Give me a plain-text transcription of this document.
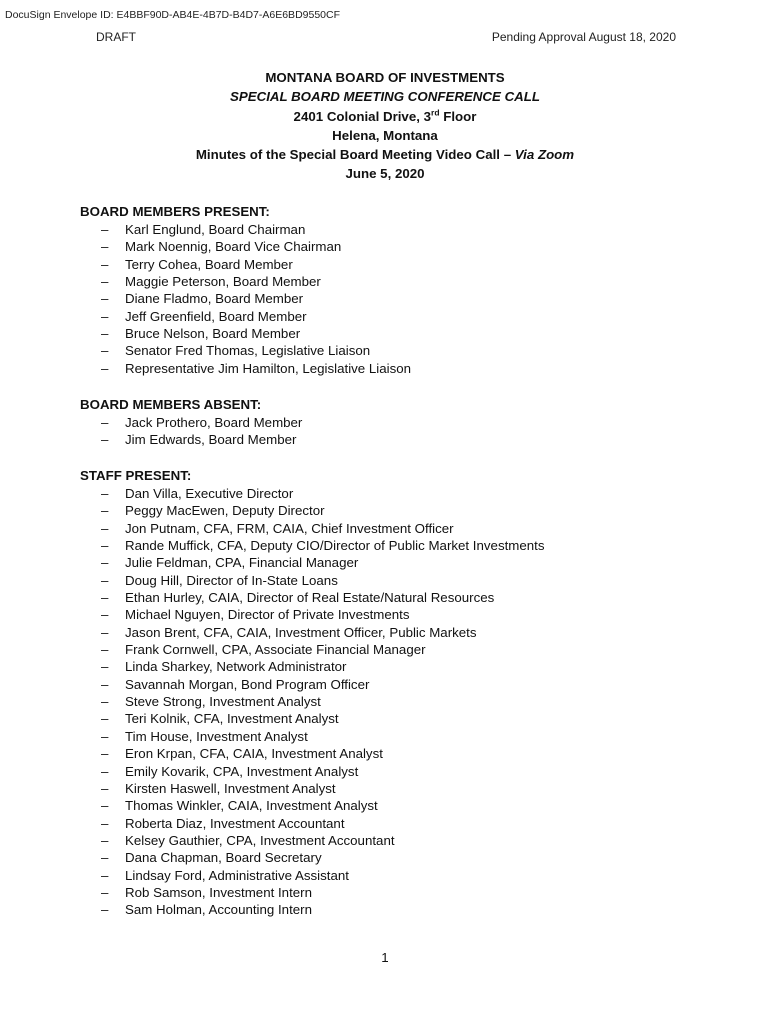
DocuSign Envelope ID: E4BBF90D-AB4E-4B7D-B4D7-A6E6BD9550CF
DRAFT	Pending Approval August 18, 2020
MONTANA BOARD OF INVESTMENTS
SPECIAL BOARD MEETING CONFERENCE CALL
2401 Colonial Drive, 3rd Floor
Helena, Montana
Minutes of the Special Board Meeting Video Call – Via Zoom
June 5, 2020
BOARD MEMBERS PRESENT:
– Karl Englund, Board Chairman
– Mark Noennig, Board Vice Chairman
– Terry Cohea, Board Member
– Maggie Peterson, Board Member
– Diane Fladmo, Board Member
– Jeff Greenfield, Board Member
– Bruce Nelson, Board Member
– Senator Fred Thomas, Legislative Liaison
– Representative Jim Hamilton, Legislative Liaison
BOARD MEMBERS ABSENT:
– Jack Prothero, Board Member
– Jim Edwards, Board Member
STAFF PRESENT:
– Dan Villa, Executive Director
– Peggy MacEwen, Deputy Director
– Jon Putnam, CFA, FRM, CAIA, Chief Investment Officer
– Rande Muffick, CFA, Deputy CIO/Director of Public Market Investments
– Julie Feldman, CPA, Financial Manager
– Doug Hill, Director of In-State Loans
– Ethan Hurley, CAIA, Director of Real Estate/Natural Resources
– Michael Nguyen, Director of Private Investments
– Jason Brent, CFA, CAIA, Investment Officer, Public Markets
– Frank Cornwell, CPA, Associate Financial Manager
– Linda Sharkey, Network Administrator
– Savannah Morgan, Bond Program Officer
– Steve Strong, Investment Analyst
– Teri Kolnik, CFA, Investment Analyst
– Tim House, Investment Analyst
– Eron Krpan, CFA, CAIA, Investment Analyst
– Emily Kovarik, CPA, Investment Analyst
– Kirsten Haswell, Investment Analyst
– Thomas Winkler, CAIA, Investment Analyst
– Roberta Diaz, Investment Accountant
– Kelsey Gauthier, CPA, Investment Accountant
– Dana Chapman, Board Secretary
– Lindsay Ford, Administrative Assistant
– Rob Samson, Investment Intern
– Sam Holman, Accounting Intern
1
